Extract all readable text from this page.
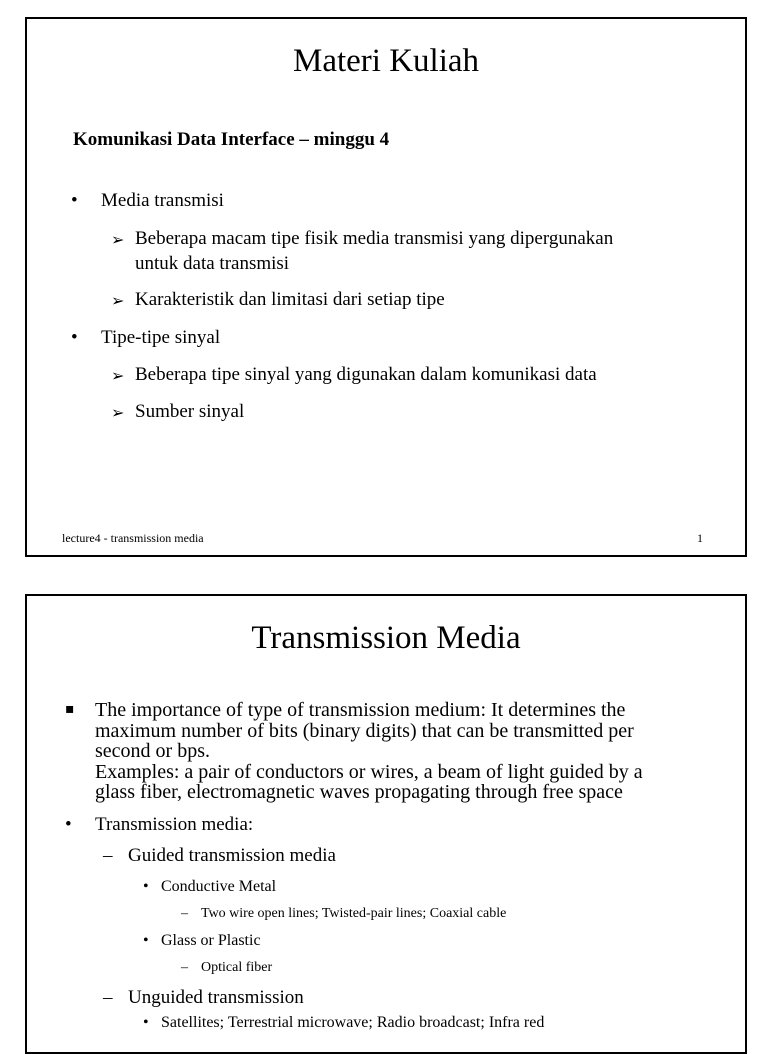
Materi Kuliah
Komunikasi Data Interface – minggu 4
• Media transmisi
➢ Beberapa macam tipe fisik media transmisi yang dipergunakan
untuk data transmisi
➢ Karakteristik dan limitasi dari setiap tipe
• Tipe-tipe sinyal
➢ Beberapa tipe sinyal yang digunakan dalam komunikasi data
➢ Sumber sinyal
lecture4 - transmission media	1
Transmission Media
▪ The importance of type of transmission medium: It determines the
maximum number of bits (binary digits) that can be transmitted per
second or bps.
Examples: a pair of conductors or wires, a beam of light guided by a
glass fiber, electromagnetic waves propagating through free space
• Transmission media:
– Guided transmission media
• Conductive Metal
– Two wire open lines; Twisted-pair lines; Coaxial cable
• Glass or Plastic
– Optical fiber
– Unguided transmission
• Satellites; Terrestrial microwave; Radio broadcast; Infra red
